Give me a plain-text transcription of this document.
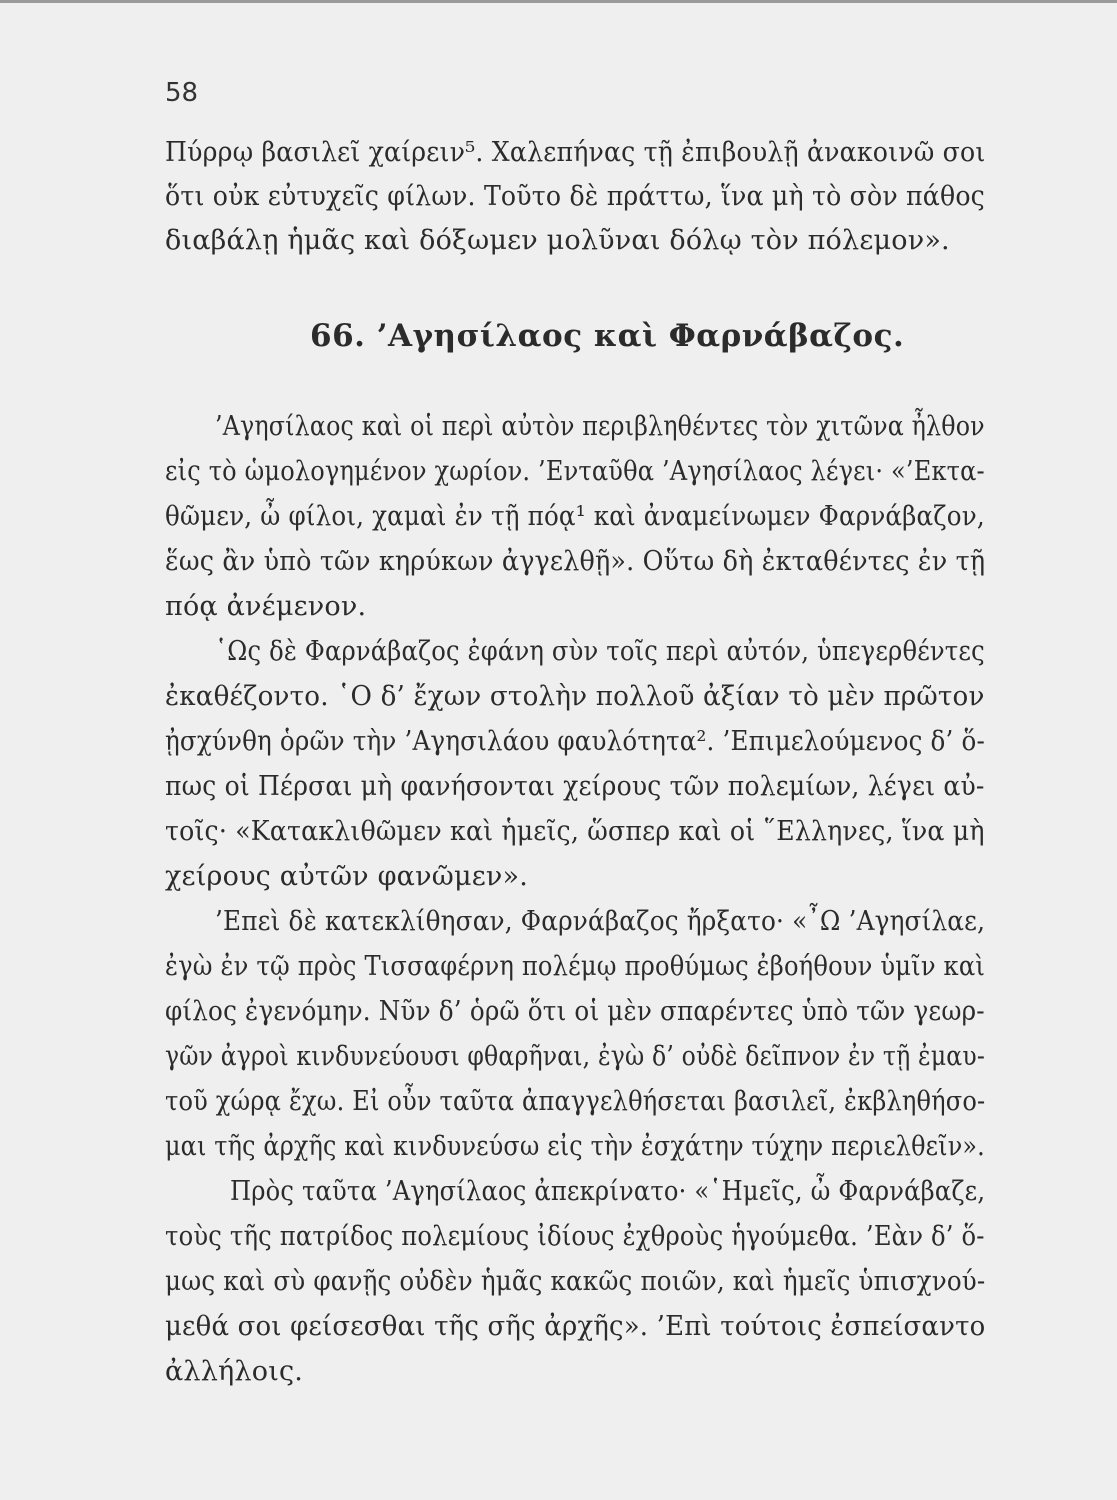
58
Πύρρῳ βασιλεῖ χαίρειν⁵. Χαλεπήνας τῇ ἐπιβουλῇ ἀνακοινῶ σοι
ὅτι οὐκ εὐτυχεῖς φίλων. Τοῦτο δὲ πράττω, ἵνα μὴ τὸ σὸν πάθος
διαβάλῃ ἡμᾶς καὶ δόξωμεν μολῦναι δόλῳ τὸν πόλεμον».
66. ’Αγησίλαος καὶ Φαρνάβαζος.
’Αγησίλαος καὶ οἱ περὶ αὐτὸν περιβληθέντες τὸν χιτῶνα ἦλθον
εἰς τὸ ὡμολογημένον χωρίον. ’Ενταῦθα ’Αγησίλαος λέγει· «’Εκτα-
θῶμεν, ὦ φίλοι, χαμαὶ ἐν τῇ πόᾳ¹ καὶ ἀναμείνωμεν Φαρνάβαζον,
ἕως ἂν ὑπὸ τῶν κηρύκων ἀγγελθῇ». Οὕτω δὴ ἐκταθέντες ἐν τῇ
πόᾳ ἀνέμενον.
῾Ως δὲ Φαρνάβαζος ἐφάνη σὺν τοῖς περὶ αὐτόν, ὑπεγερθέντες
ἐκαθέζοντο. ῾Ο δ’ ἔχων στολὴν πολλοῦ ἀξίαν τὸ μὲν πρῶτον
ᾐσχύνθη ὁρῶν τὴν ’Αγησιλάου φαυλότητα². ’Επιμελούμενος δ’ ὅ-
πως οἱ Πέρσαι μὴ φανήσονται χείρους τῶν πολεμίων, λέγει αὐ-
τοῖς· «Κατακλιθῶμεν καὶ ἡμεῖς, ὥσπερ καὶ οἱ ῞Ελληνες, ἵνα μὴ
χείρους αὐτῶν φανῶμεν».
’Επεὶ δὲ κατεκλίθησαν, Φαρνάβαζος ἤρξατο· «῏Ω ’Αγησίλαε,
ἐγὼ ἐν τῷ πρὸς Τισσαφέρνη πολέμῳ προθύμως ἐβοήθουν ὑμῖν καὶ
φίλος ἐγενόμην. Νῦν δ’ ὁρῶ ὅτι οἱ μὲν σπαρέντες ὑπὸ τῶν γεωρ-
γῶν ἀγροὶ κινδυνεύουσι φθαρῆναι, ἐγὼ δ’ οὐδὲ δεῖπνον ἐν τῇ ἐμαυ-
τοῦ χώρᾳ ἔχω. Εἰ οὖν ταῦτα ἀπαγγελθήσεται βασιλεῖ, ἐκβληθήσο-
μαι τῆς ἀρχῆς καὶ κινδυνεύσω εἰς τὴν ἐσχάτην τύχην περιελθεῖν».
Πρὸς ταῦτα ’Αγησίλαος ἀπεκρίνατο· «῾Ημεῖς, ὦ Φαρνάβαζε,
τοὺς τῆς πατρίδος πολεμίους ἰδίους ἐχθροὺς ἡγούμεθα. ’Εὰν δ’ ὅ-
μως καὶ σὺ φανῇς οὐδὲν ἡμᾶς κακῶς ποιῶν, καὶ ἡμεῖς ὑπισχνού-
μεθά σοι φείσεσθαι τῆς σῆς ἀρχῆς». ’Επὶ τούτοις ἐσπείσαντο
ἀλλήλοις.
